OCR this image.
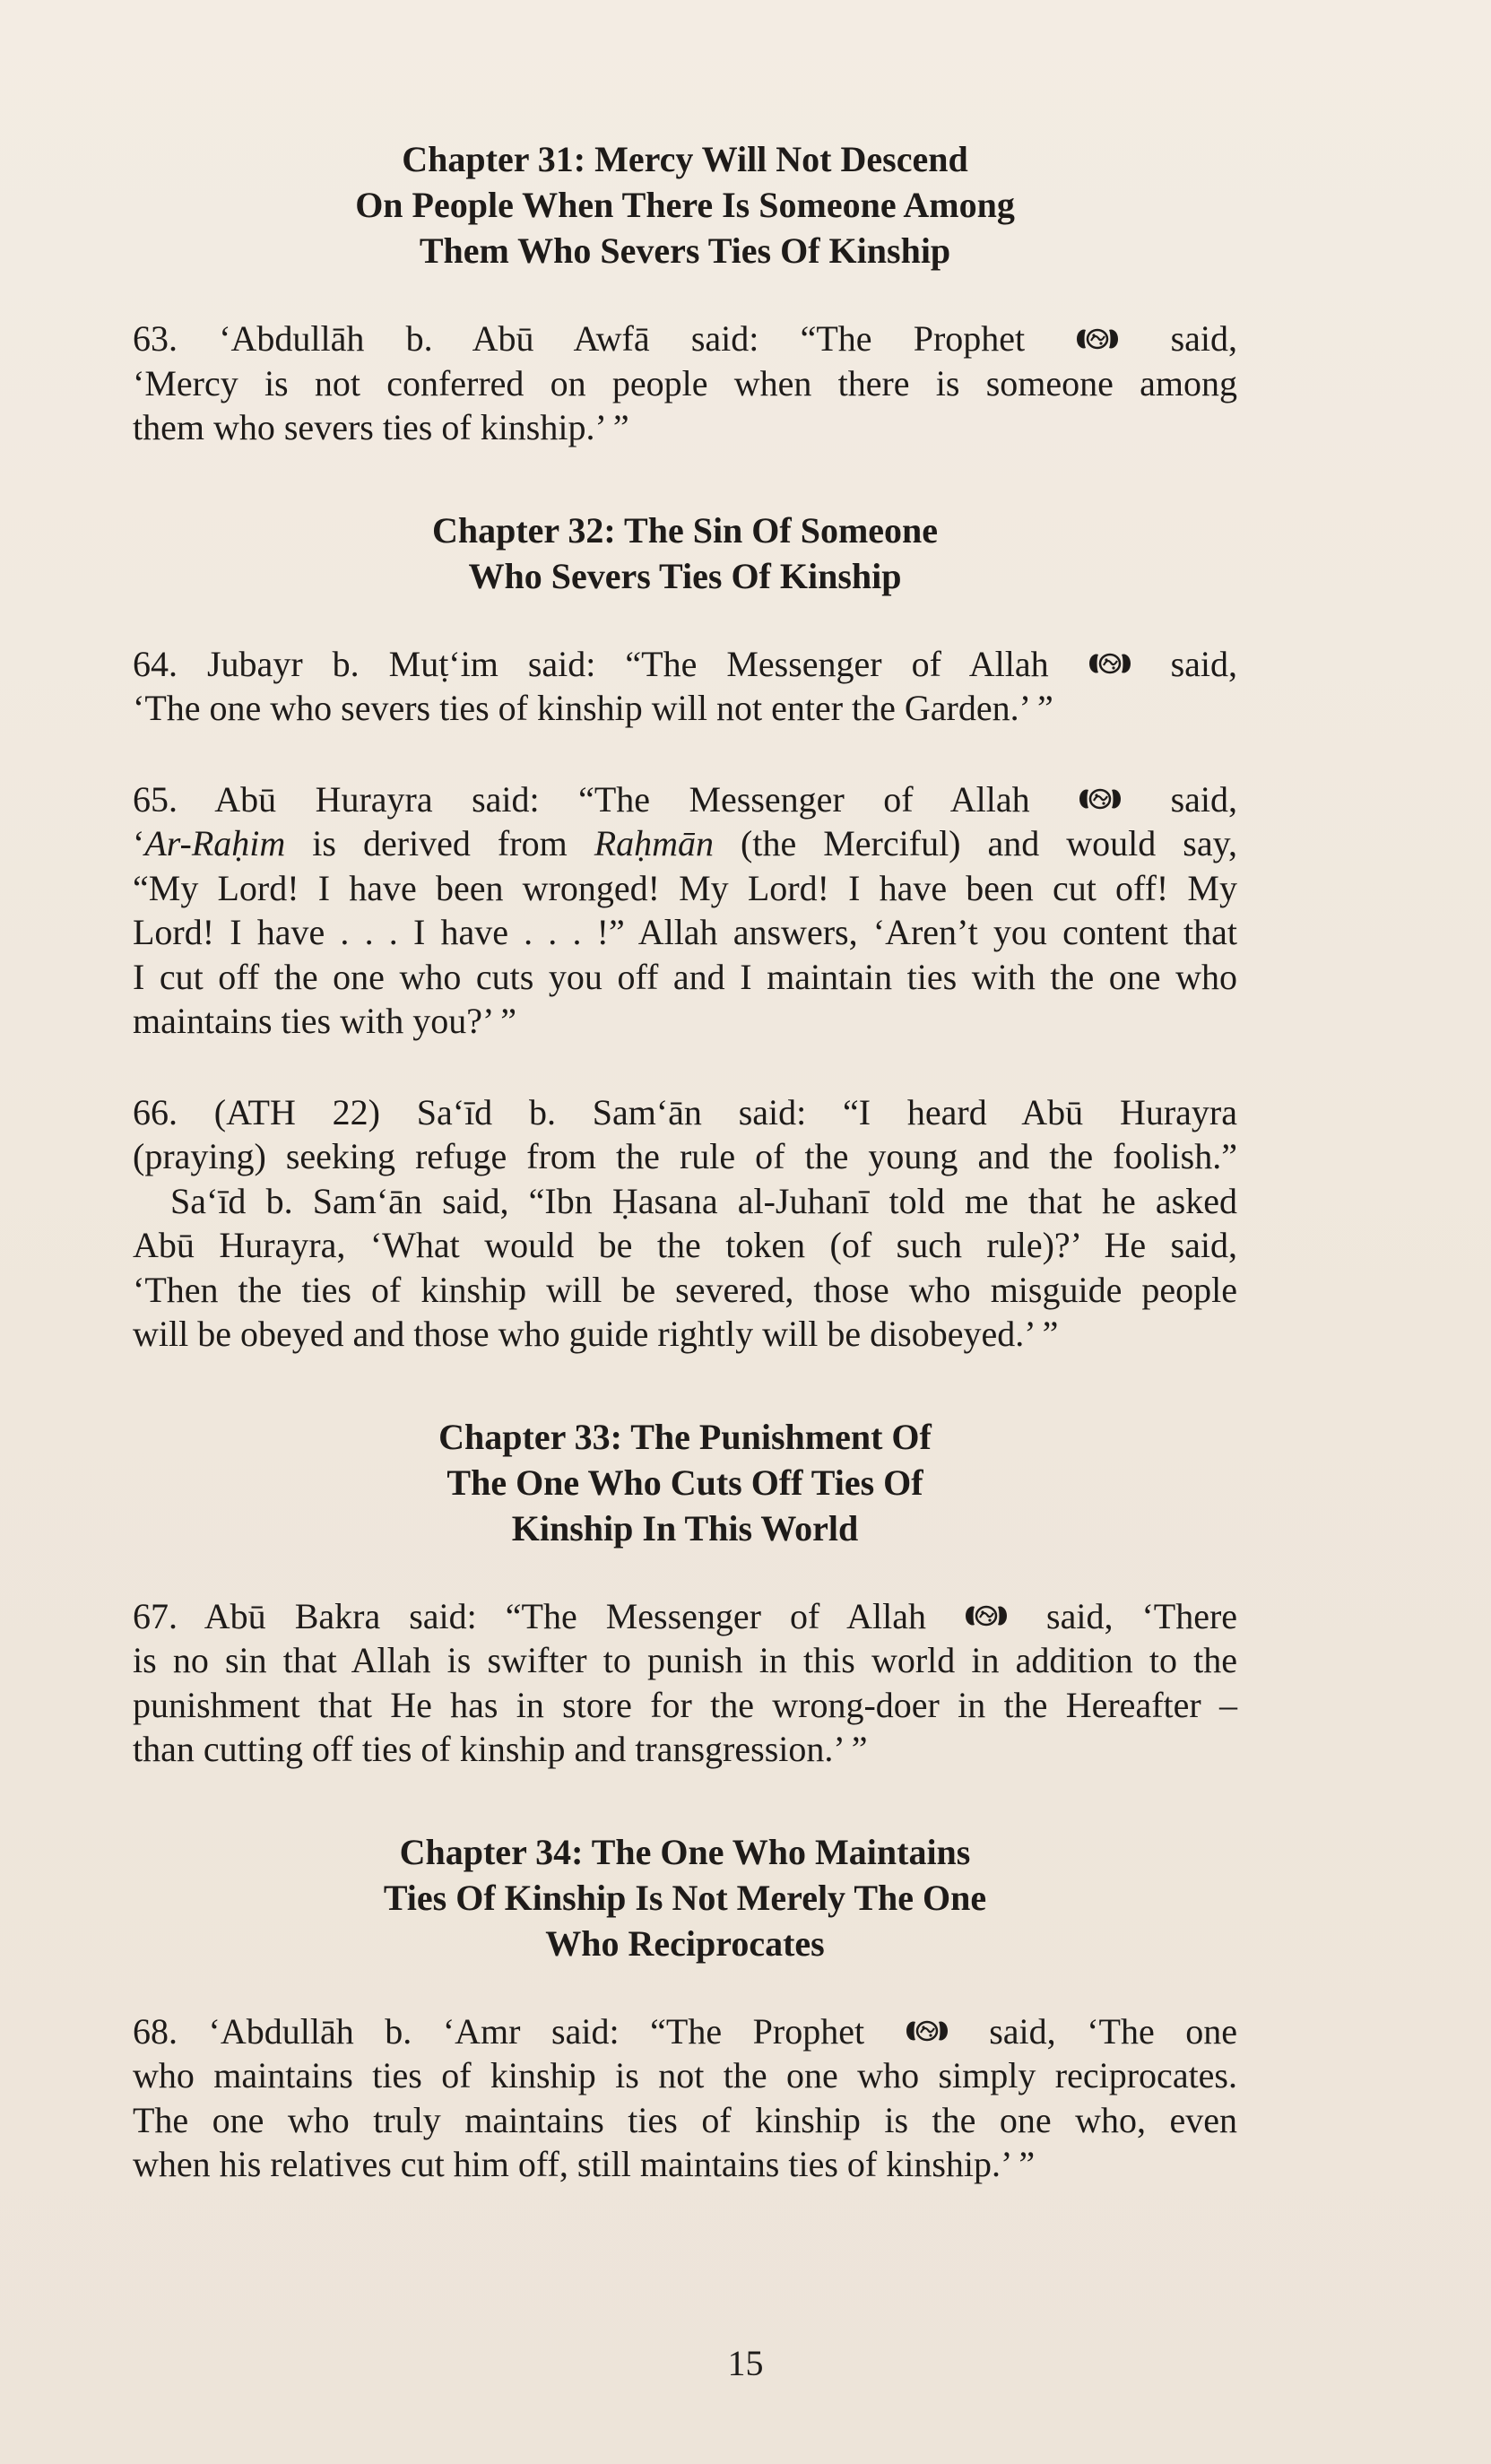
Chapter 31: Mercy Will Not Descend
On People When There Is Someone Among
Them Who Severs Ties Of Kinship

63. ‘Abdullāh b. Abū Awfā said: “The Prophet	said,
‘Mercy is not conferred on people when there is someone among
them who severs ties of kinship.’ ”

Chapter 32: The Sin Of Someone
Who Severs Ties Of Kinship

64. Jubayr b. Muṭ‘im said: “The Messenger of Allah	said,
‘The one who severs ties of kinship will not enter the Garden.’ ”

65. Abū Hurayra said: “The Messenger of Allah	said,
‘Ar-Raḥim is derived from Raḥmān (the Merciful) and would say,
“My Lord! I have been wronged! My Lord! I have been cut off! My
Lord! I have . . . I have . . . !” Allah answers, ‘Aren’t you content that
I cut off the one who cuts you off and I maintain ties with the one who
maintains ties with you?’ ”

66. (ATH 22) Sa‘īd b. Sam‘ān said: “I heard Abū Hurayra
(praying) seeking refuge from the rule of the young and the foolish.”
Sa‘īd b. Sam‘ān said, “Ibn Ḥasana al-Juhanī told me that he asked
Abū Hurayra, ‘What would be the token (of such rule)?’ He said,
‘Then the ties of kinship will be severed, those who misguide people
will be obeyed and those who guide rightly will be disobeyed.’ ”

Chapter 33: The Punishment Of
The One Who Cuts Off Ties Of
Kinship In This World

67. Abū Bakra said: “The Messenger of Allah	said, ‘There
is no sin that Allah is swifter to punish in this world in addition to the
punishment that He has in store for the wrong-doer in the Hereafter –
than cutting off ties of kinship and transgression.’ ”

Chapter 34: The One Who Maintains
Ties Of Kinship Is Not Merely The One
Who Reciprocates

68. ‘Abdullāh b. ‘Amr said: “The Prophet	said, ‘The one
who maintains ties of kinship is not the one who simply reciprocates.
The one who truly maintains ties of kinship is the one who, even
when his relatives cut him off, still maintains ties of kinship.’ ”

15
